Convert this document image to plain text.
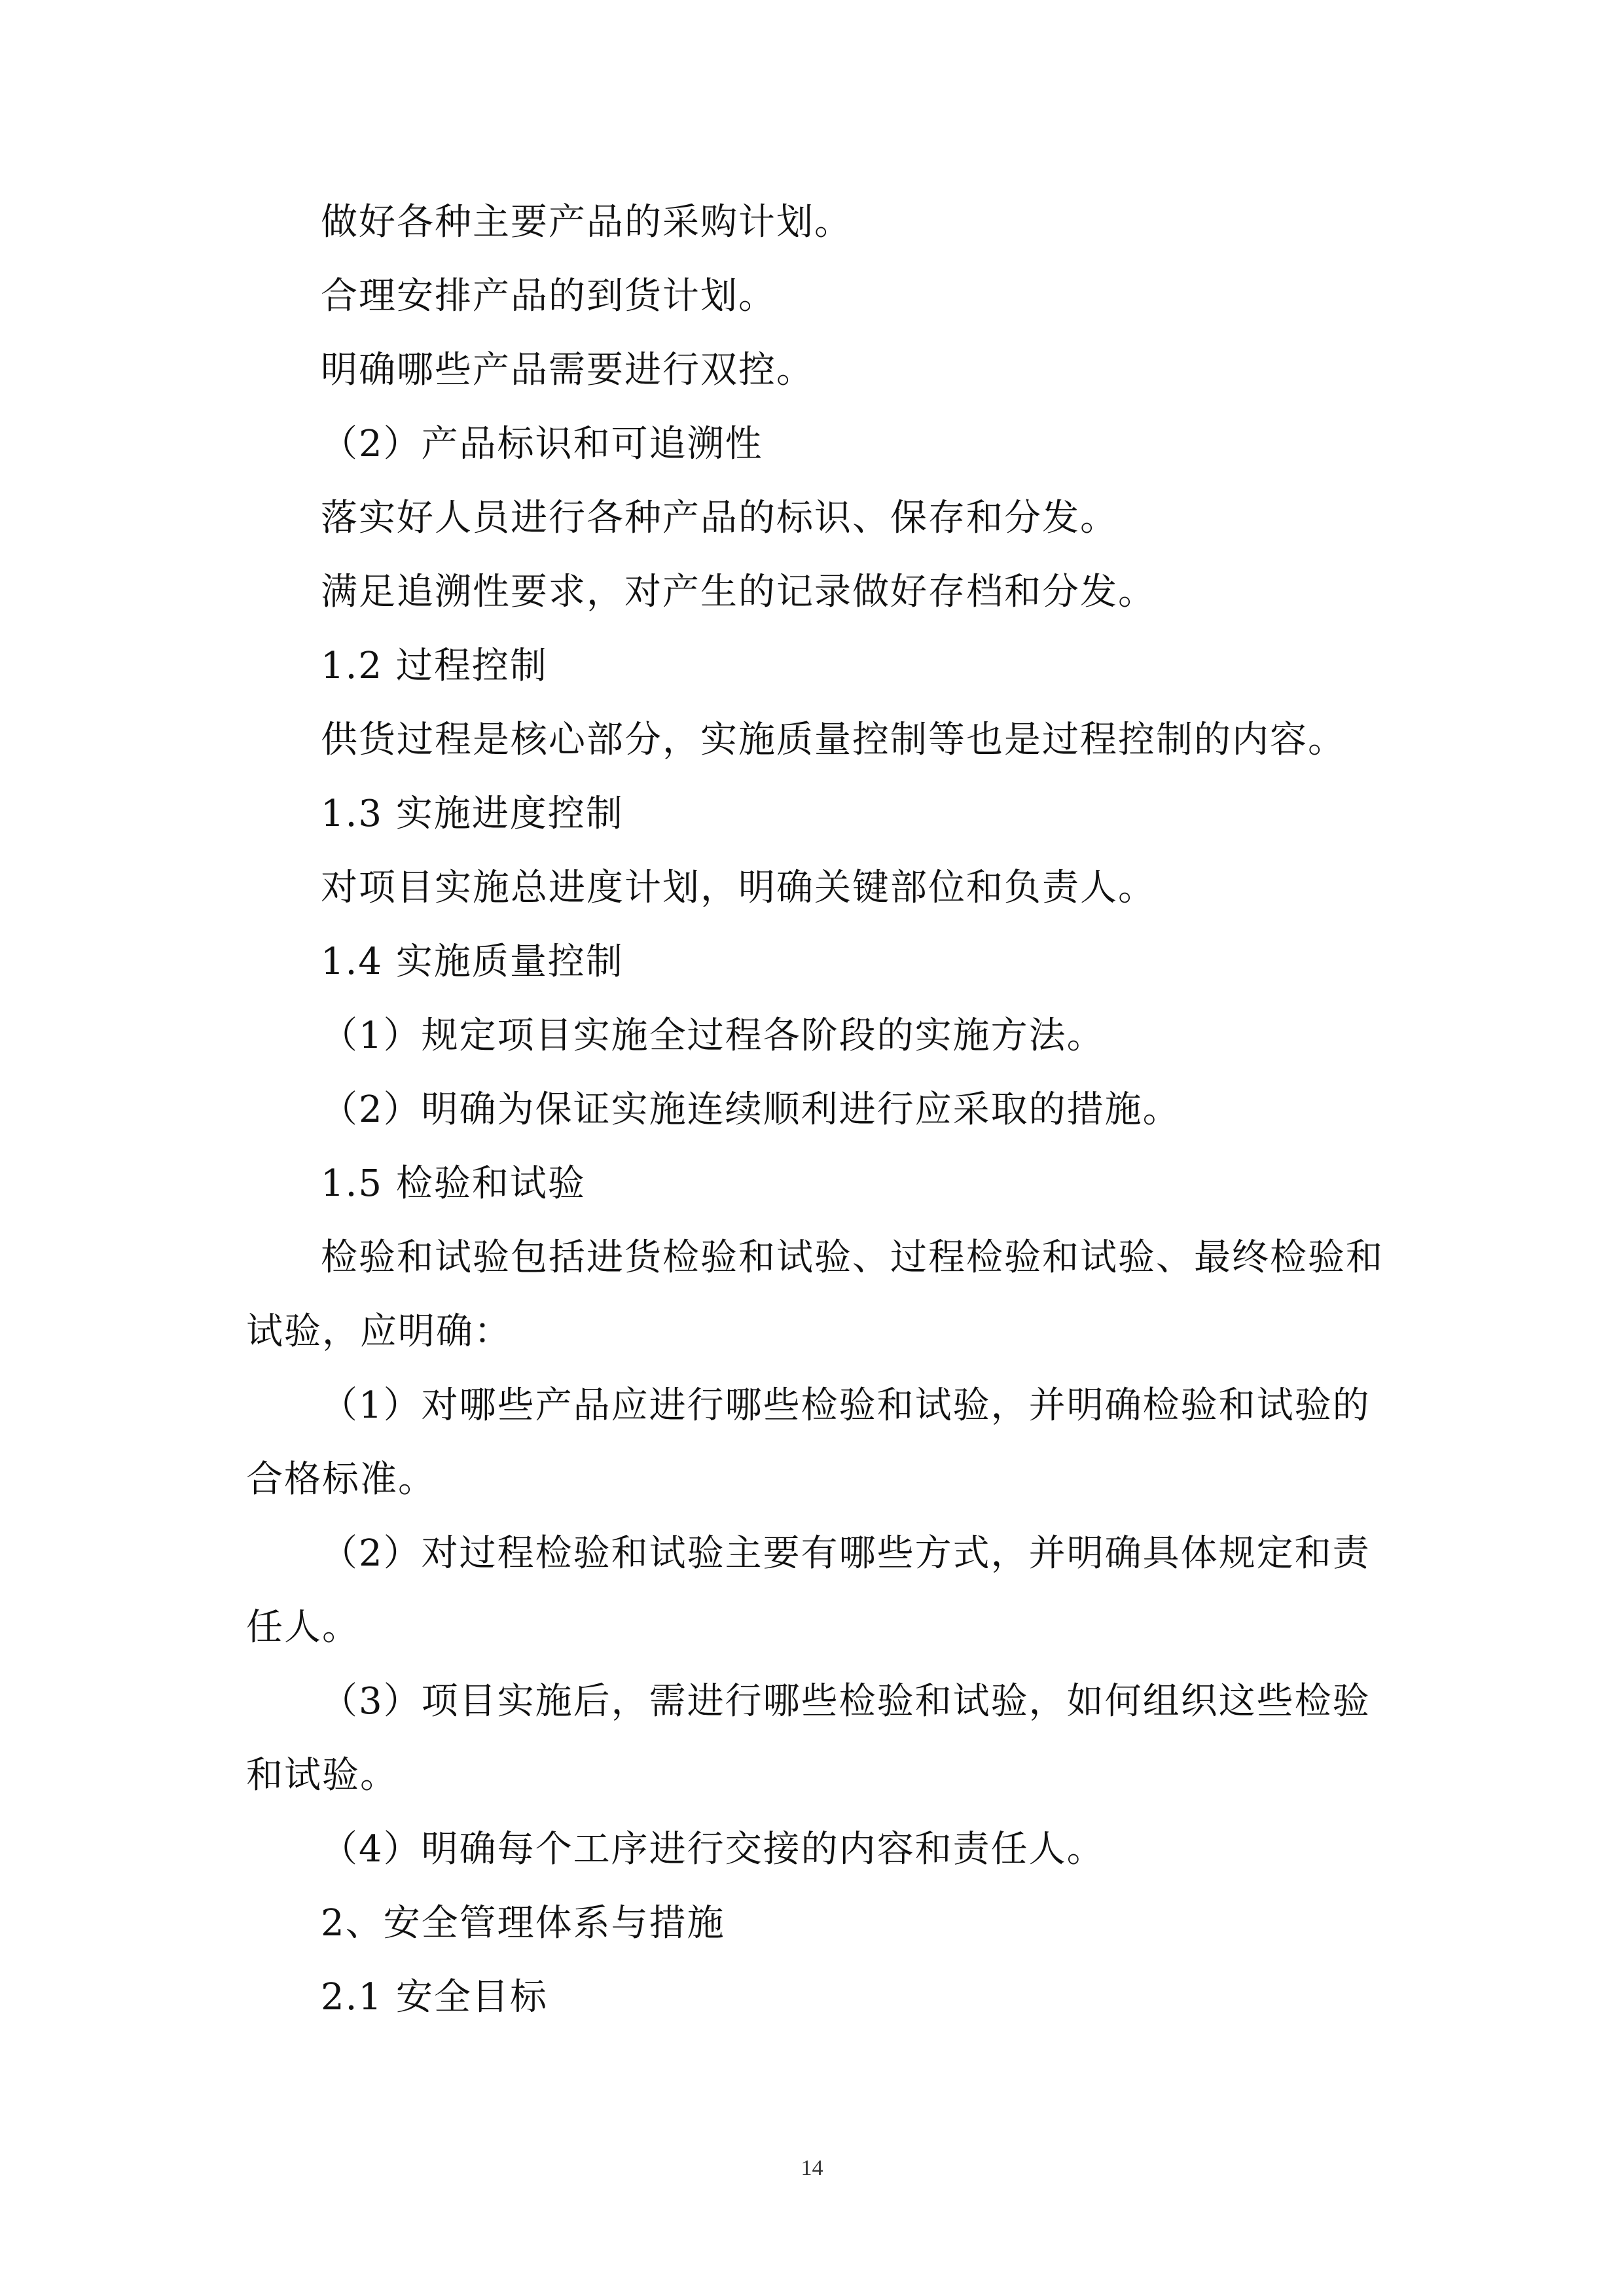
做好各种主要产品的采购计划。
合理安排产品的到货计划。
明确哪些产品需要进行双控。
（2）产品标识和可追溯性
落实好人员进行各种产品的标识、保存和分发。
满足追溯性要求，对产生的记录做好存档和分发。
1.2 过程控制
供货过程是核心部分，实施质量控制等也是过程控制的内容。
1.3 实施进度控制
对项目实施总进度计划，明确关键部位和负责人。
1.4 实施质量控制
（1）规定项目实施全过程各阶段的实施方法。
（2）明确为保证实施连续顺利进行应采取的措施。
1.5 检验和试验
检验和试验包括进货检验和试验、过程检验和试验、最终检验和
试验，应明确：
（1）对哪些产品应进行哪些检验和试验，并明确检验和试验的
合格标准。
（2）对过程检验和试验主要有哪些方式，并明确具体规定和责
任人。
（3）项目实施后，需进行哪些检验和试验，如何组织这些检验
和试验。
（4）明确每个工序进行交接的内容和责任人。
2、安全管理体系与措施
2.1 安全目标
14
